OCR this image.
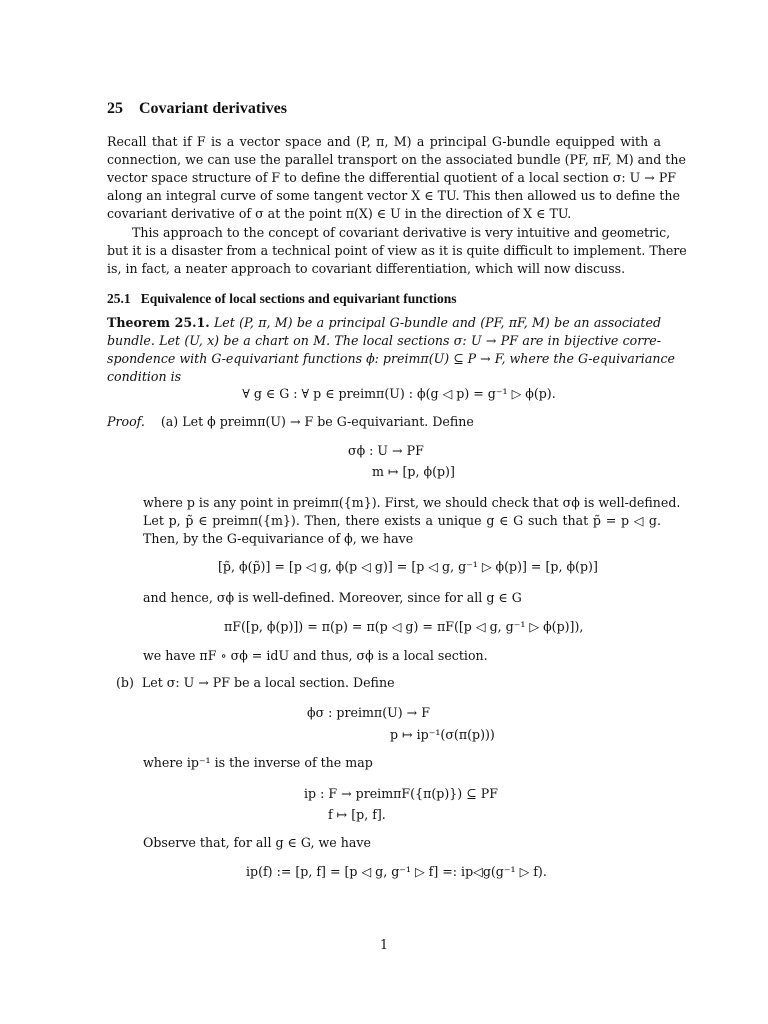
25 Covariant derivatives
Recall that if F is a vector space and (P, π, M) a principal G-bundle equipped with a
connection, we can use the parallel transport on the associated bundle (PF, πF, M) and the
vector space structure of F to define the differential quotient of a local section σ: U → PF
along an integral curve of some tangent vector X ∈ TU. This then allowed us to define the
covariant derivative of σ at the point π(X) ∈ U in the direction of X ∈ TU.
This approach to the concept of covariant derivative is very intuitive and geometric,
but it is a disaster from a technical point of view as it is quite difficult to implement. There
is, in fact, a neater approach to covariant differentiation, which will now discuss.
25.1 Equivalence of local sections and equivariant functions
Theorem 25.1. Let (P, π, M) be a principal G-bundle and (PF, πF, M) be an associated
bundle. Let (U, x) be a chart on M. The local sections σ: U → PF are in bijective corre-
spondence with G-equivariant functions ϕ: preimπ(U) ⊆ P → F, where the G-equivariance
condition is
∀ g ∈ G : ∀ p ∈ preimπ(U) : ϕ(g ◁ p) = g⁻¹ ▷ ϕ(p).
Proof. (a) Let ϕ preimπ(U) → F be G-equivariant. Define
σϕ : U → PF
m ↦ [p, ϕ(p)]
where p is any point in preimπ({m}). First, we should check that σϕ is well-defined.
Let p, p̃ ∈ preimπ({m}). Then, there exists a unique g ∈ G such that p̃ = p ◁ g.
Then, by the G-equivariance of ϕ, we have
[p̃, ϕ(p̃)] = [p ◁ g, ϕ(p ◁ g)] = [p ◁ g, g⁻¹ ▷ ϕ(p)] = [p, ϕ(p)]
and hence, σϕ is well-defined. Moreover, since for all g ∈ G
πF([p, ϕ(p)]) = π(p) = π(p ◁ g) = πF([p ◁ g, g⁻¹ ▷ ϕ(p)]),
we have πF ∘ σϕ = idU and thus, σϕ is a local section.
(b) Let σ: U → PF be a local section. Define
ϕσ : preimπ(U) → F
p ↦ ip⁻¹(σ(π(p)))
where ip⁻¹ is the inverse of the map
ip : F → preimπF({π(p)}) ⊆ PF
f ↦ [p, f].
Observe that, for all g ∈ G, we have
ip(f) := [p, f] = [p ◁ g, g⁻¹ ▷ f] =: ip◁g(g⁻¹ ▷ f).
1
